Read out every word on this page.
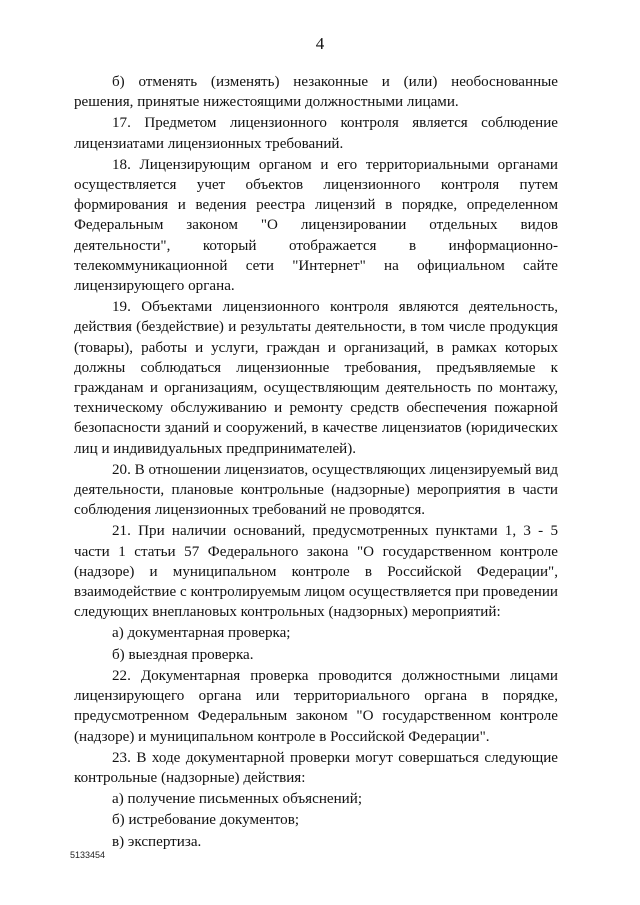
4

б) отменять (изменять) незаконные и (или) необоснованные решения, принятые нижестоящими должностными лицами.

17. Предметом лицензионного контроля является соблюдение лицензиатами лицензионных требований.

18. Лицензирующим органом и его территориальными органами осуществляется учет объектов лицензионного контроля путем формирования и ведения реестра лицензий в порядке, определенном Федеральным законом "О лицензировании отдельных видов деятельности", который отображается в информационно-телекоммуникационной сети "Интернет" на официальном сайте лицензирующего органа.

19. Объектами лицензионного контроля являются деятельность, действия (бездействие) и результаты деятельности, в том числе продукция (товары), работы и услуги, граждан и организаций, в рамках которых должны соблюдаться лицензионные требования, предъявляемые к гражданам и организациям, осуществляющим деятельность по монтажу, техническому обслуживанию и ремонту средств обеспечения пожарной безопасности зданий и сооружений, в качестве лицензиатов (юридических лиц и индивидуальных предпринимателей).

20. В отношении лицензиатов, осуществляющих лицензируемый вид деятельности, плановые контрольные (надзорные) мероприятия в части соблюдения лицензионных требований не проводятся.

21. При наличии оснований, предусмотренных пунктами 1, 3 - 5 части 1 статьи 57 Федерального закона "О государственном контроле (надзоре) и муниципальном контроле в Российской Федерации", взаимодействие с контролируемым лицом осуществляется при проведении следующих внеплановых контрольных (надзорных) мероприятий:

а) документарная проверка;

б) выездная проверка.

22. Документарная проверка проводится должностными лицами лицензирующего органа или территориального органа в порядке, предусмотренном Федеральным законом "О государственном контроле (надзоре) и муниципальном контроле в Российской Федерации".

23. В ходе документарной проверки могут совершаться следующие контрольные (надзорные) действия:

а) получение письменных объяснений;

б) истребование документов;

в) экспертиза.

5133454
